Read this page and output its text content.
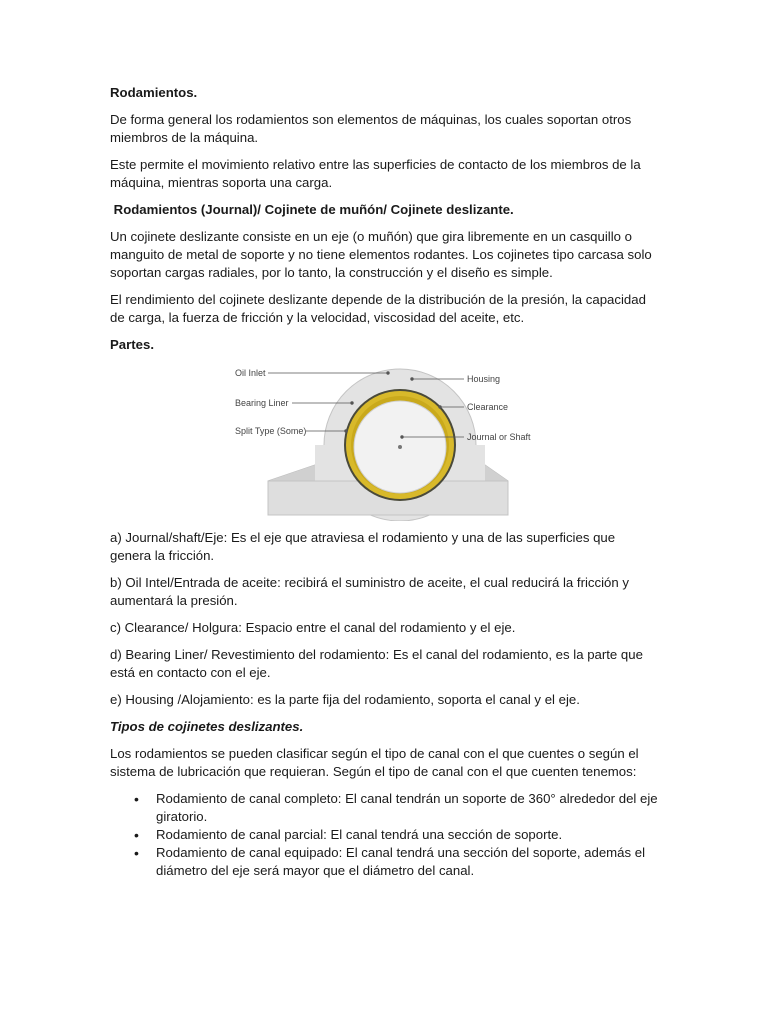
Rodamientos.

De forma general los rodamientos son elementos de máquinas, los cuales soportan otros miembros de la máquina.

Este permite el movimiento relativo entre las superficies de contacto de los miembros de la máquina, mientras soporta una carga.

Rodamientos (Journal)/ Cojinete de muñón/ Cojinete deslizante.

Un cojinete deslizante consiste en un eje (o muñón) que gira libremente en un casquillo o manguito de metal de soporte y no tiene elementos rodantes. Los cojinetes tipo carcasa solo soportan cargas radiales, por lo tanto, la construcción y el diseño es simple.

El rendimiento del cojinete deslizante depende de la distribución de la presión, la capacidad de carga, la fuerza de fricción y la velocidad, viscosidad del aceite, etc.

Partes.

Oil Inlet
Bearing Liner
Split Type (Some)
Housing
Clearance
Journal or Shaft

a) Journal/shaft/Eje: Es el eje que atraviesa el rodamiento y una de las superficies que genera la fricción.

b) Oil Intel/Entrada de aceite: recibirá el suministro de aceite, el cual reducirá la fricción y aumentará la presión.

c) Clearance/ Holgura: Espacio entre el canal del rodamiento y el eje.

d) Bearing Liner/ Revestimiento del rodamiento: Es el canal del rodamiento, es la parte que está en contacto con el eje.

e) Housing /Alojamiento: es la parte fija del rodamiento, soporta el canal y el eje.

Tipos de cojinetes deslizantes.

Los rodamientos se pueden clasificar según el tipo de canal con el que cuentes o según el sistema de lubricación que requieran. Según el tipo de canal con el que cuenten tenemos:

• Rodamiento de canal completo: El canal tendrán un soporte de 360° alrededor del eje giratorio.
• Rodamiento de canal parcial: El canal tendrá una sección de soporte.
• Rodamiento de canal equipado: El canal tendrá una sección del soporte, además el diámetro del eje será mayor que el diámetro del canal.
